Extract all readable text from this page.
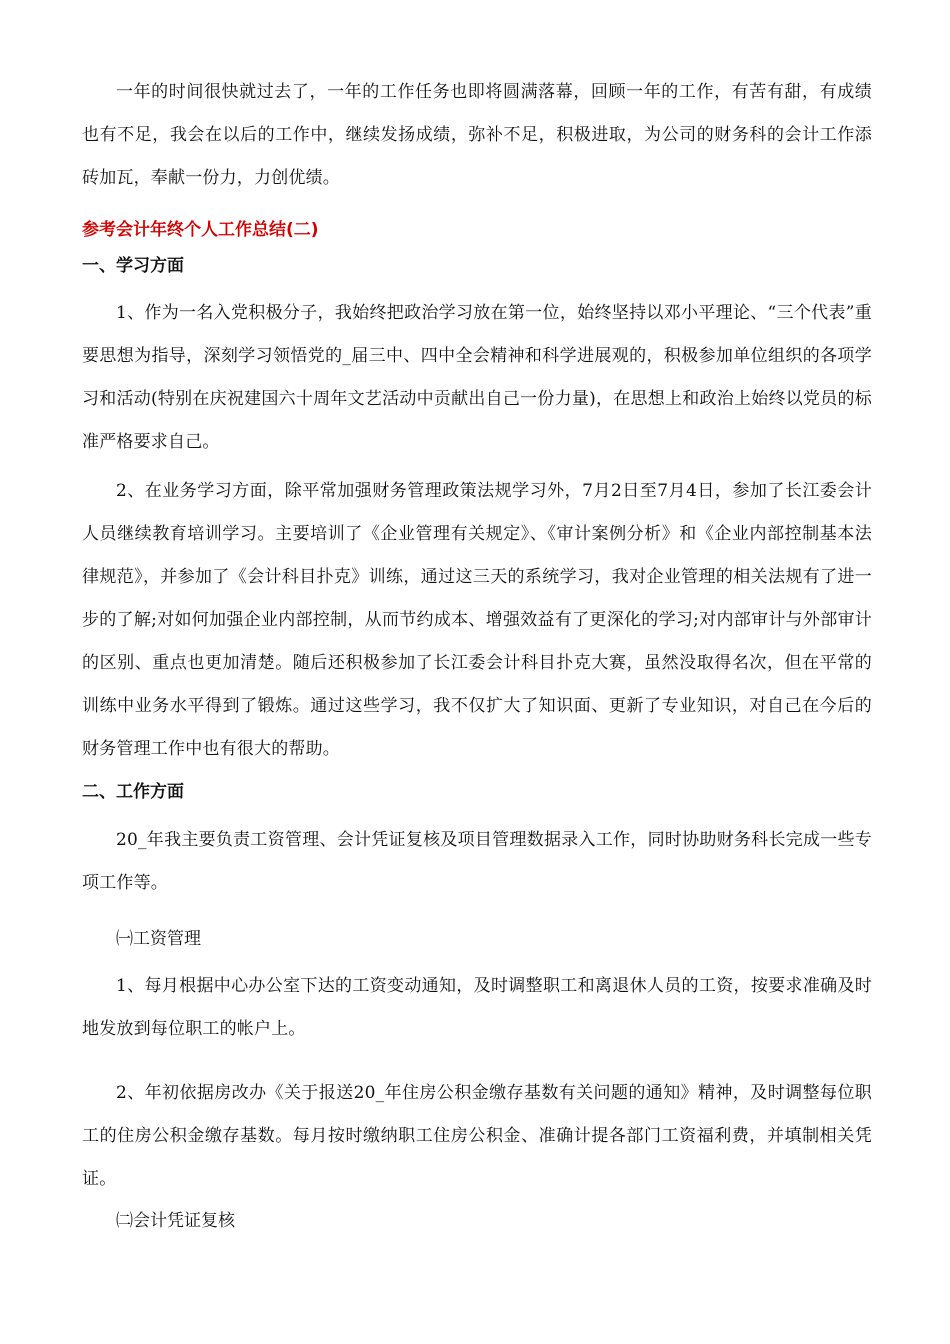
一年的时间很快就过去了，一年的工作任务也即将圆满落幕，回顾一年的工作，有苦有甜，有成绩也有不足，我会在以后的工作中，继续发扬成绩，弥补不足，积极进取，为公司的财务科的会计工作添砖加瓦，奉献一份力，力创优绩。

参考会计年终个人工作总结(二)

一、学习方面

1、作为一名入党积极分子，我始终把政治学习放在第一位，始终坚持以邓小平理论、“三个代表”重要思想为指导，深刻学习领悟党的_届三中、四中全会精神和科学进展观的，积极参加单位组织的各项学习和活动(特别在庆祝建国六十周年文艺活动中贡献出自己一份力量)，在思想上和政治上始终以党员的标准严格要求自己。

2、在业务学习方面，除平常加强财务管理政策法规学习外，7月2日至7月4日，参加了长江委会计人员继续教育培训学习。主要培训了《企业管理有关规定》、《审计案例分析》和《企业内部控制基本法律规范》，并参加了《会计科目扑克》训练，通过这三天的系统学习，我对企业管理的相关法规有了进一步的了解;对如何加强企业内部控制，从而节约成本、增强效益有了更深化的学习;对内部审计与外部审计的区别、重点也更加清楚。随后还积极参加了长江委会计科目扑克大赛，虽然没取得名次，但在平常的训练中业务水平得到了锻炼。通过这些学习，我不仅扩大了知识面、更新了专业知识，对自己在今后的财务管理工作中也有很大的帮助。

二、工作方面

20_年我主要负责工资管理、会计凭证复核及项目管理数据录入工作，同时协助财务科长完成一些专项工作等。

㈠工资管理

1、每月根据中心办公室下达的工资变动通知，及时调整职工和离退休人员的工资，按要求准确及时地发放到每位职工的帐户上。

2、年初依据房改办《关于报送20_年住房公积金缴存基数有关问题的通知》精神，及时调整每位职工的住房公积金缴存基数。每月按时缴纳职工住房公积金、准确计提各部门工资福利费，并填制相关凭证。

㈡会计凭证复核
